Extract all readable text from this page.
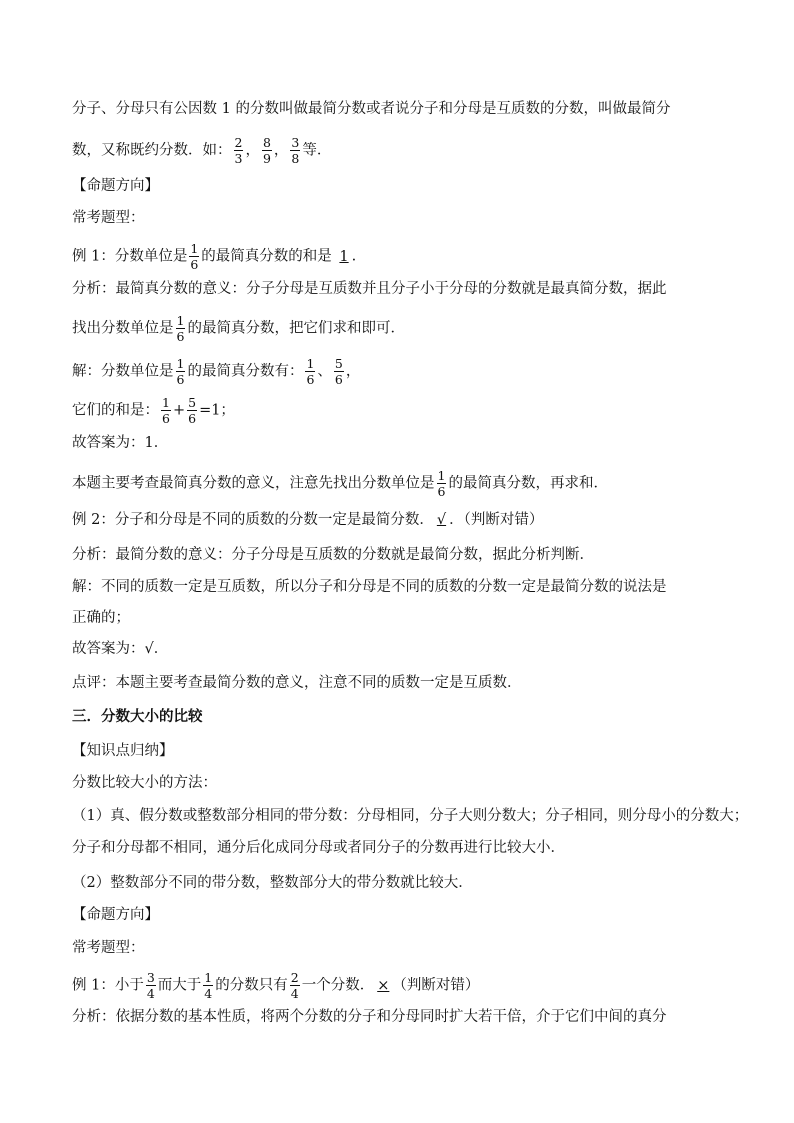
分子、分母只有公因数 1 的分数叫做最简分数或者说分子和分母是互质数的分数，叫做最简分
数，又称既约分数．如： $\frac{2}{3}$ ， $\frac{8}{9}$ ， $\frac{3}{8}$ 等．
【命题方向】
常考题型：
例 1：分数单位是 $\frac{1}{6}$ 的最简真分数的和是 1 .
分析：最简真分数的意义：分子分母是互质数并且分子小于分母的分数就是最真简分数，据此
找出分数单位是 $\frac{1}{6}$ 的最简真分数，把它们求和即可．
解：分数单位是 $\frac{1}{6}$ 的最简真分数有： $\frac{1}{6}$ 、 $\frac{5}{6}$ ，
它们的和是： $\frac{1}{6} + \frac{5}{6} =1$；
故答案为：1．
本题主要考查最简真分数的意义，注意先找出分数单位是 $\frac{1}{6}$ 的最简真分数，再求和．
例 2：分子和分母是不同的质数的分数一定是最简分数． √ ．（判断对错）
分析：最简分数的意义：分子分母是互质数的分数就是最简分数，据此分析判断．
解：不同的质数一定是互质数，所以分子和分母是不同的质数的分数一定是最简分数的说法是
正确的；
故答案为：√．
点评：本题主要考查最简分数的意义，注意不同的质数一定是互质数．
三．分数大小的比较
【知识点归纳】
分数比较大小的方法：
（1）真、假分数或整数部分相同的带分数：分母相同，分子大则分数大；分子相同，则分母小的分数大；
分子和分母都不相同，通分后化成同分母或者同分子的分数再进行比较大小．
（2）整数部分不同的带分数，整数部分大的带分数就比较大．
【命题方向】
常考题型：
例 1：小于 $\frac{3}{4}$ 而大于 $\frac{1}{4}$ 的分数只有 $\frac{2}{4}$ 一个分数． × （判断对错）
分析：依据分数的基本性质，将两个分数的分子和分母同时扩大若干倍，介于它们中间的真分
